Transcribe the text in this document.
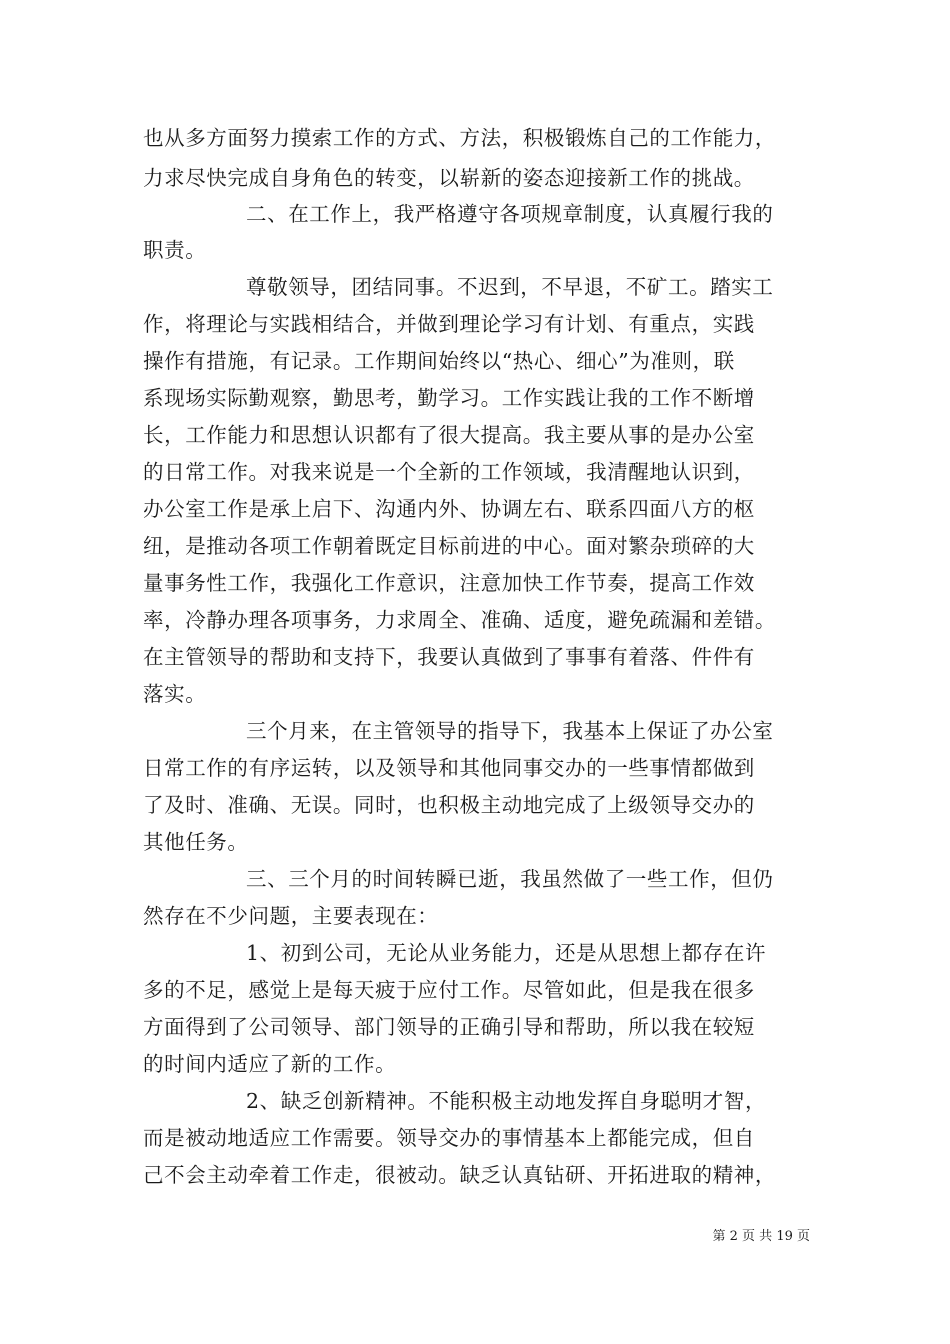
也从多方面努力摸索工作的方式、方法，积极锻炼自己的工作能力，
力求尽快完成自身角色的转变，以崭新的姿态迎接新工作的挑战。
二、在工作上，我严格遵守各项规章制度，认真履行我的
职责。
尊敬领导，团结同事。不迟到，不早退，不矿工。踏实工
作，将理论与实践相结合，并做到理论学习有计划、有重点，实践
操作有措施，有记录。工作期间始终以“热心、细心”为准则，联
系现场实际勤观察，勤思考，勤学习。工作实践让我的工作不断增
长，工作能力和思想认识都有了很大提高。我主要从事的是办公室
的日常工作。对我来说是一个全新的工作领域，我清醒地认识到，
办公室工作是承上启下、沟通内外、协调左右、联系四面八方的枢
纽，是推动各项工作朝着既定目标前进的中心。面对繁杂琐碎的大
量事务性工作，我强化工作意识，注意加快工作节奏，提高工作效
率，冷静办理各项事务，力求周全、准确、适度，避免疏漏和差错。
在主管领导的帮助和支持下，我要认真做到了事事有着落、件件有
落实。
三个月来，在主管领导的指导下，我基本上保证了办公室
日常工作的有序运转，以及领导和其他同事交办的一些事情都做到
了及时、准确、无误。同时，也积极主动地完成了上级领导交办的
其他任务。
三、三个月的时间转瞬已逝，我虽然做了一些工作，但仍
然存在不少问题，主要表现在：
1、初到公司，无论从业务能力，还是从思想上都存在许
多的不足，感觉上是每天疲于应付工作。尽管如此，但是我在很多
方面得到了公司领导、部门领导的正确引导和帮助，所以我在较短
的时间内适应了新的工作。
2、缺乏创新精神。不能积极主动地发挥自身聪明才智，
而是被动地适应工作需要。领导交办的事情基本上都能完成，但自
己不会主动牵着工作走，很被动。缺乏认真钻研、开拓进取的精神，
第 2 页 共 19 页
